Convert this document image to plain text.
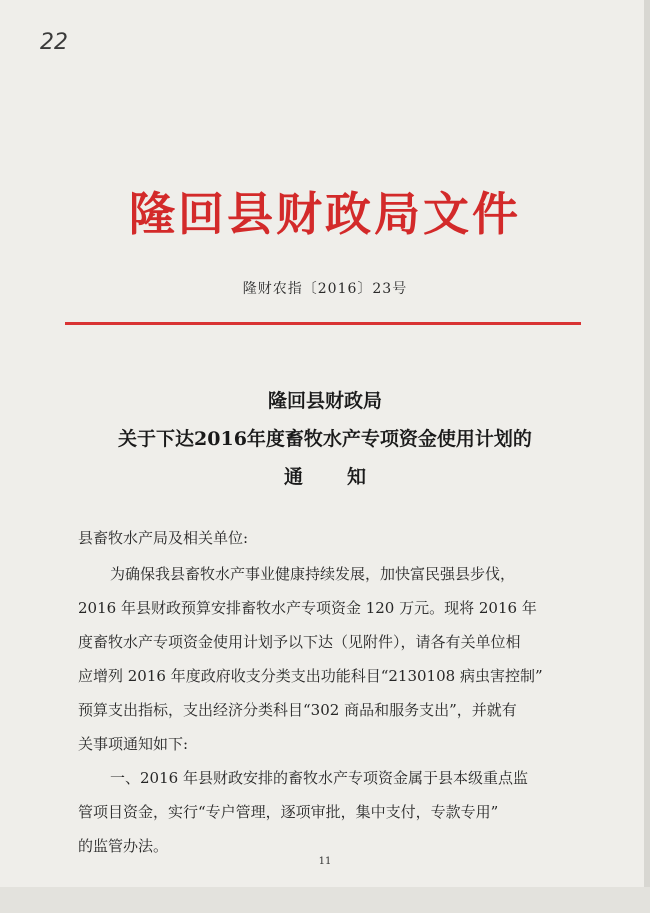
22
隆回县财政局文件
隆财农指〔2016〕23号
隆回县财政局
关于下达2016年度畜牧水产专项资金使用计划的
通知
县畜牧水产局及相关单位:
为确保我县畜牧水产事业健康持续发展，加快富民强县步伐，
2016 年县财政预算安排畜牧水产专项资金 120 万元。现将 2016 年
度畜牧水产专项资金使用计划予以下达（见附件），请各有关单位相
应增列 2016 年度政府收支分类支出功能科目“2130108 病虫害控制”
预算支出指标，支出经济分类科目“302 商品和服务支出”，并就有
关事项通知如下:
一、2016 年县财政安排的畜牧水产专项资金属于县本级重点监
管项目资金，实行“专户管理，逐项审批，集中支付，专款专用”
的监管办法。
11
